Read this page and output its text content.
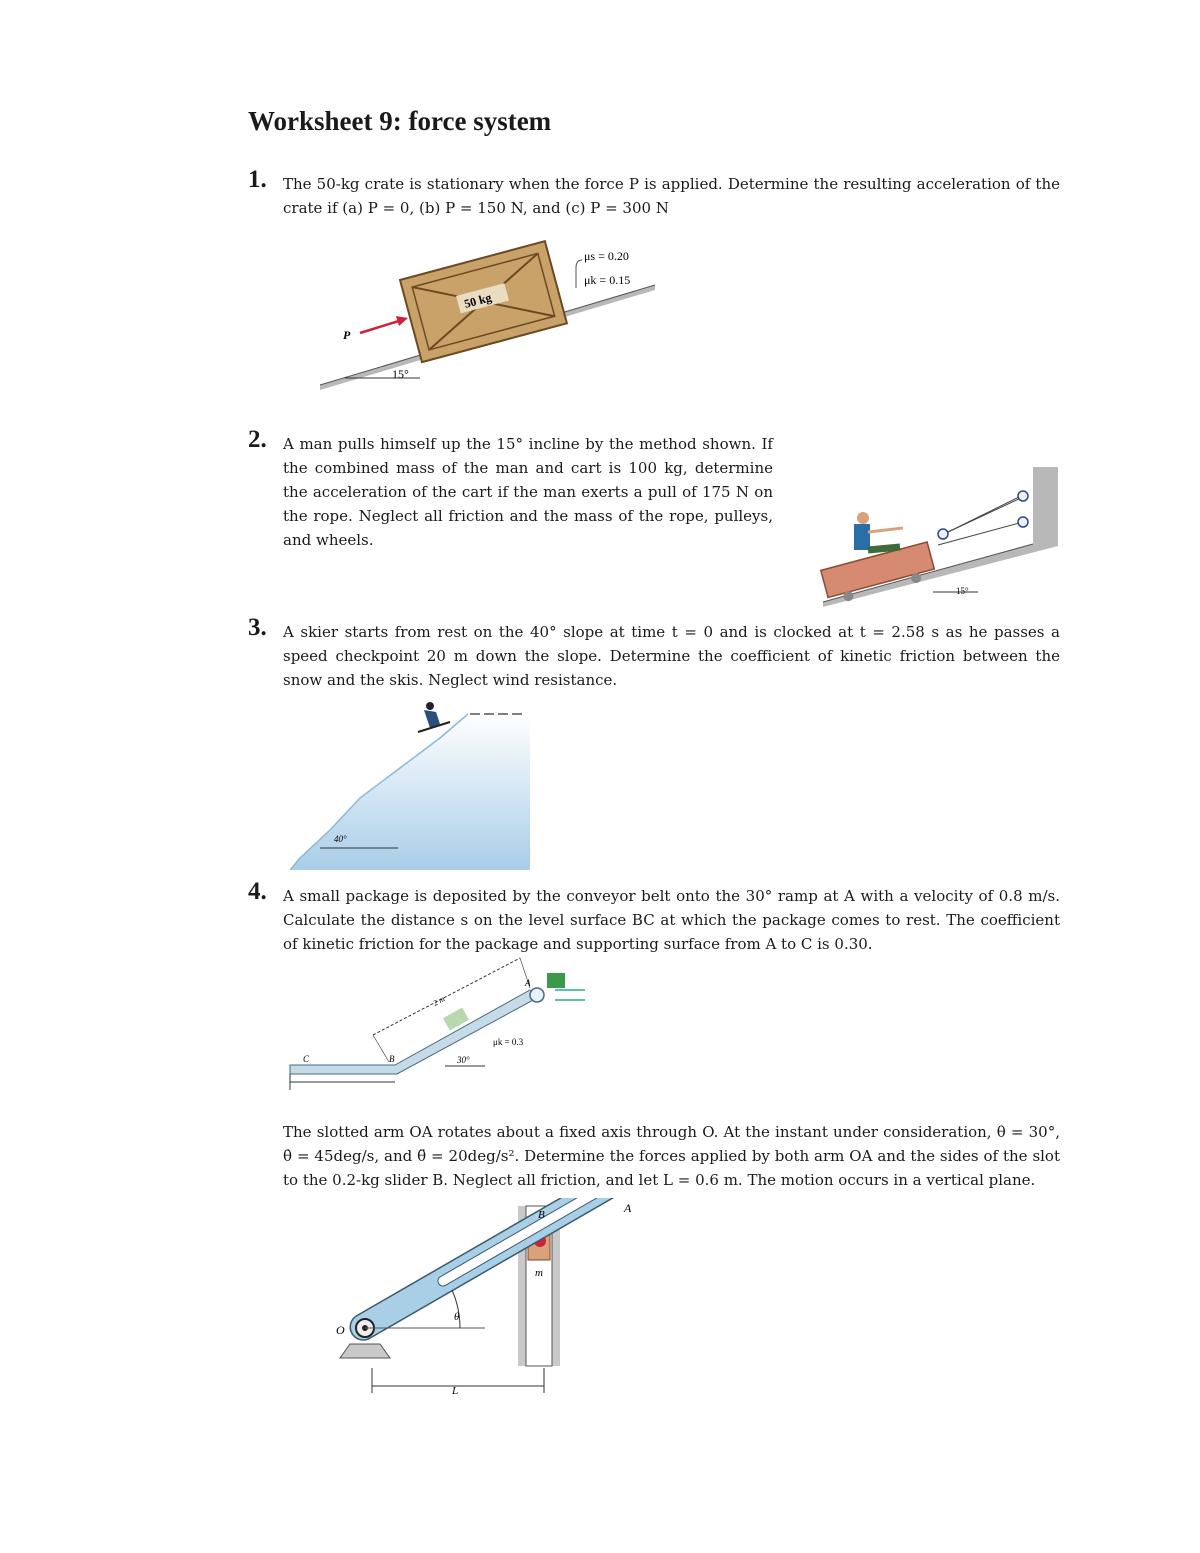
Worksheet 9: force system
1. The 50-kg crate is stationary when the force P is applied. Determine the resulting acceleration of the crate if (a) P = 0, (b) P = 150 N, and (c) P = 300 N
15°
50 kg
P
μs = 0.20
μk = 0.15
2. A man pulls himself up the 15° incline by the method shown. If the combined mass of the man and cart is 100 kg, determine the acceleration of the cart if the man exerts a pull of 175 N on the rope. Neglect all friction and the mass of the rope, pulleys, and wheels.
15°
3. A skier starts from rest on the 40° slope at time t = 0 and is clocked at t = 2.58 s as he passes a speed checkpoint 20 m down the slope. Determine the coefficient of kinetic friction between the snow and the skis. Neglect wind resistance.
40°
4. A small package is deposited by the conveyor belt onto the 30° ramp at A with a velocity of 0.8 m/s. Calculate the distance s on the level surface BC at which the package comes to rest. The coefficient of kinetic friction for the package and supporting surface from A to C is 0.30.
C	B
A
2 m
30°
μk = 0.3
The slotted arm OA rotates about a fixed axis through O. At the instant under consideration, θ = 30°, θ̇ = 45deg/s, and θ̈ = 20deg/s². Determine the forces applied by both arm OA and the sides of the slot to the 0.2-kg slider B. Neglect all friction, and let L = 0.6 m. The motion occurs in a vertical plane.
O
A
B
m
θ
L
